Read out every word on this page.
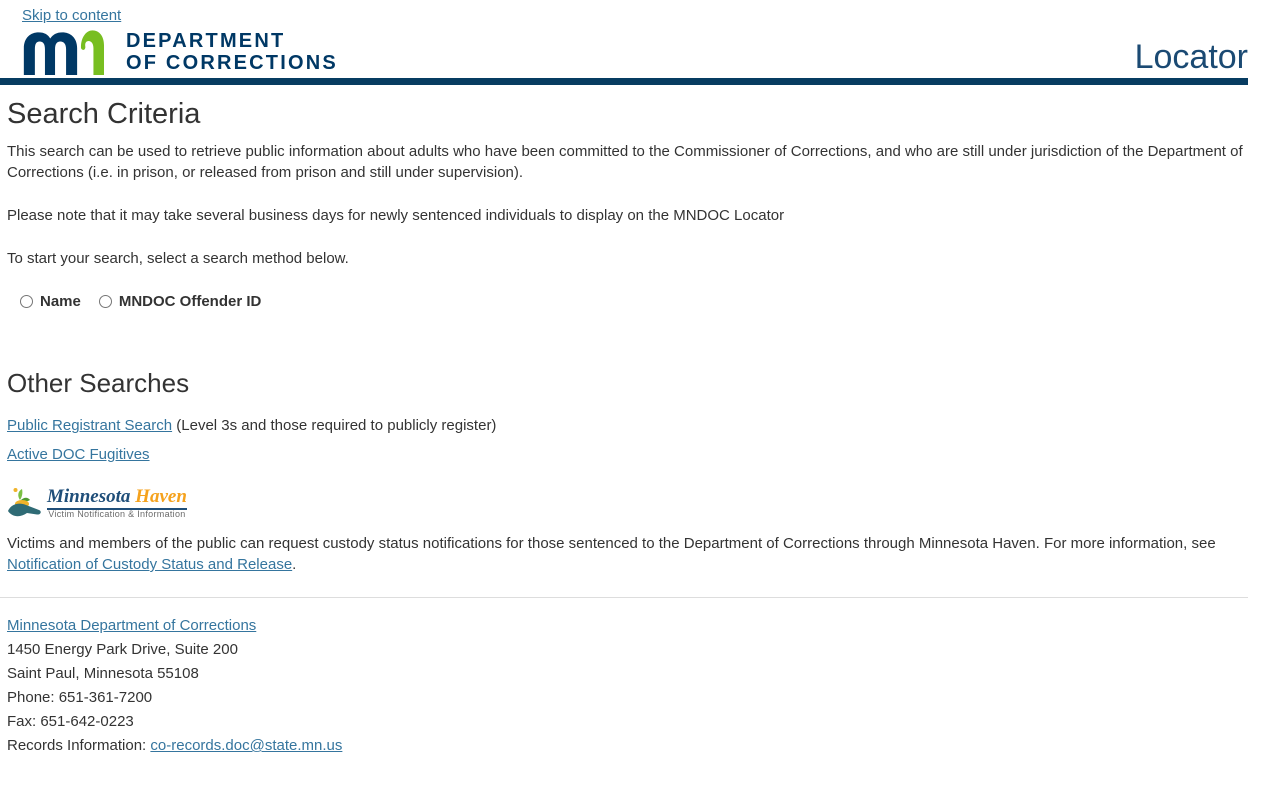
Skip to content
DEPARTMENT
OF CORRECTIONS	Locator
Search Criteria

This search can be used to retrieve public information about adults who have been committed to the Commissioner of Corrections, and who are still under jurisdiction of the Department of Corrections (i.e. in prison, or released from prison and still under supervision).

Please note that it may take several business days for newly sentenced individuals to display on the MNDOC Locator

To start your search, select a search method below.

Name	MNDOC Offender ID
Other Searches

Public Registrant Search (Level 3s and those required to publicly register)

Active DOC Fugitives

Minnesota Haven
Victim Notification & Information

Victims and members of the public can request custody status notifications for those sentenced to the Department of Corrections through Minnesota Haven. For more information, see Notification of Custody Status and Release.

Minnesota Department of Corrections

1450 Energy Park Drive, Suite 200

Saint Paul, Minnesota 55108

Phone: 651-361-7200

Fax: 651-642-0223

Records Information: co-records.doc@state.mn.us
